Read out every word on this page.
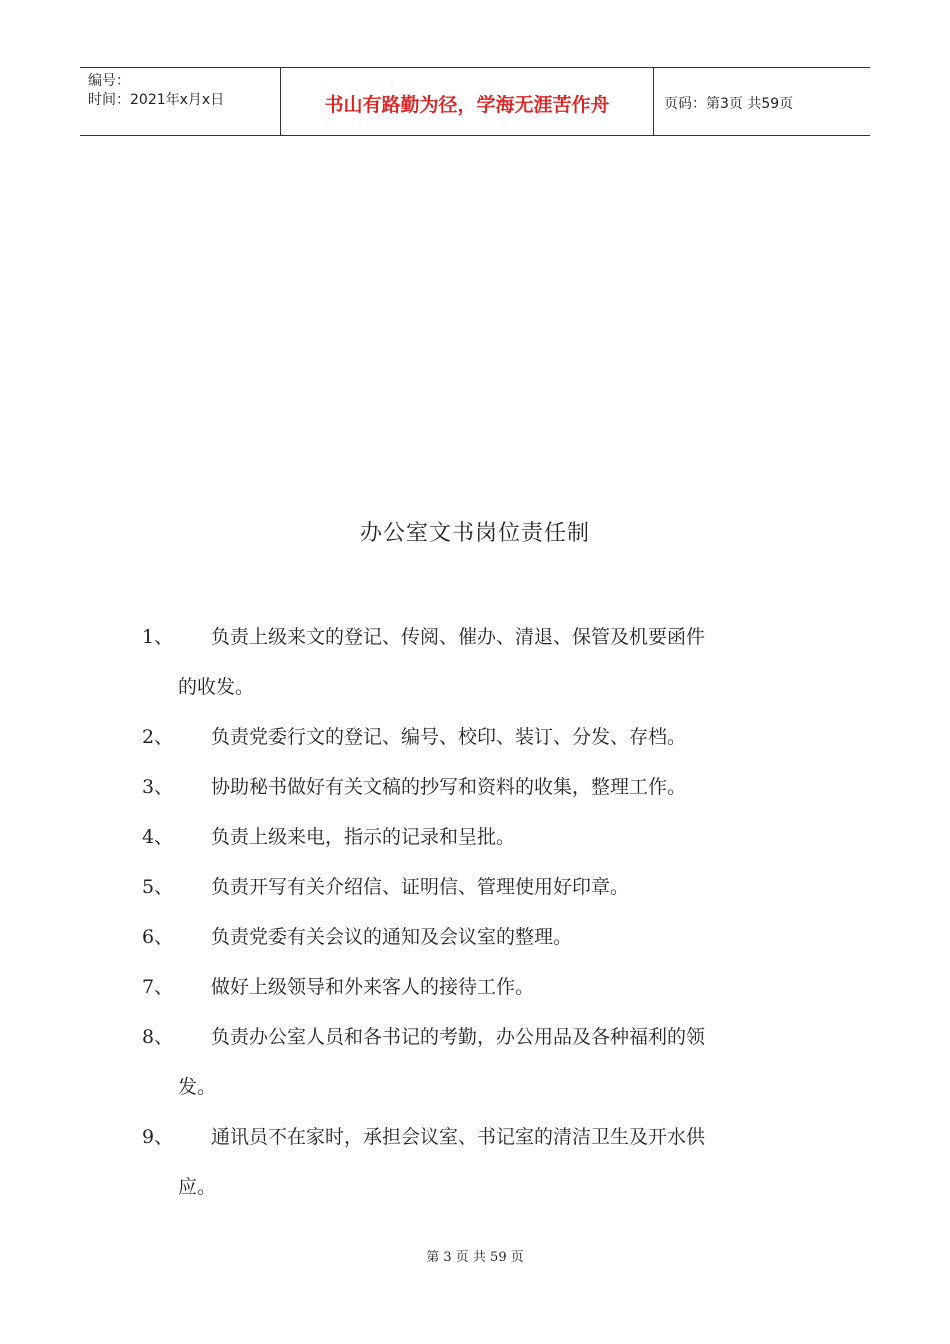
编号：
时间：2021年x月x日	书山有路勤为径，学海无涯苦作舟	页码：第3页 共59页
办公室文书岗位责任制
1、	负责上级来文的登记、传阅、催办、清退、保管及机要函件
的收发。
2、	负责党委行文的登记、编号、校印、装订、分发、存档。
3、	协助秘书做好有关文稿的抄写和资料的收集，整理工作。
4、	负责上级来电，指示的记录和呈批。
5、	负责开写有关介绍信、证明信、管理使用好印章。
6、	负责党委有关会议的通知及会议室的整理。
7、	做好上级领导和外来客人的接待工作。
8、	负责办公室人员和各书记的考勤，办公用品及各种福利的领
发。
9、	通讯员不在家时，承担会议室、书记室的清洁卫生及开水供
应。
第 3 页 共 59 页
